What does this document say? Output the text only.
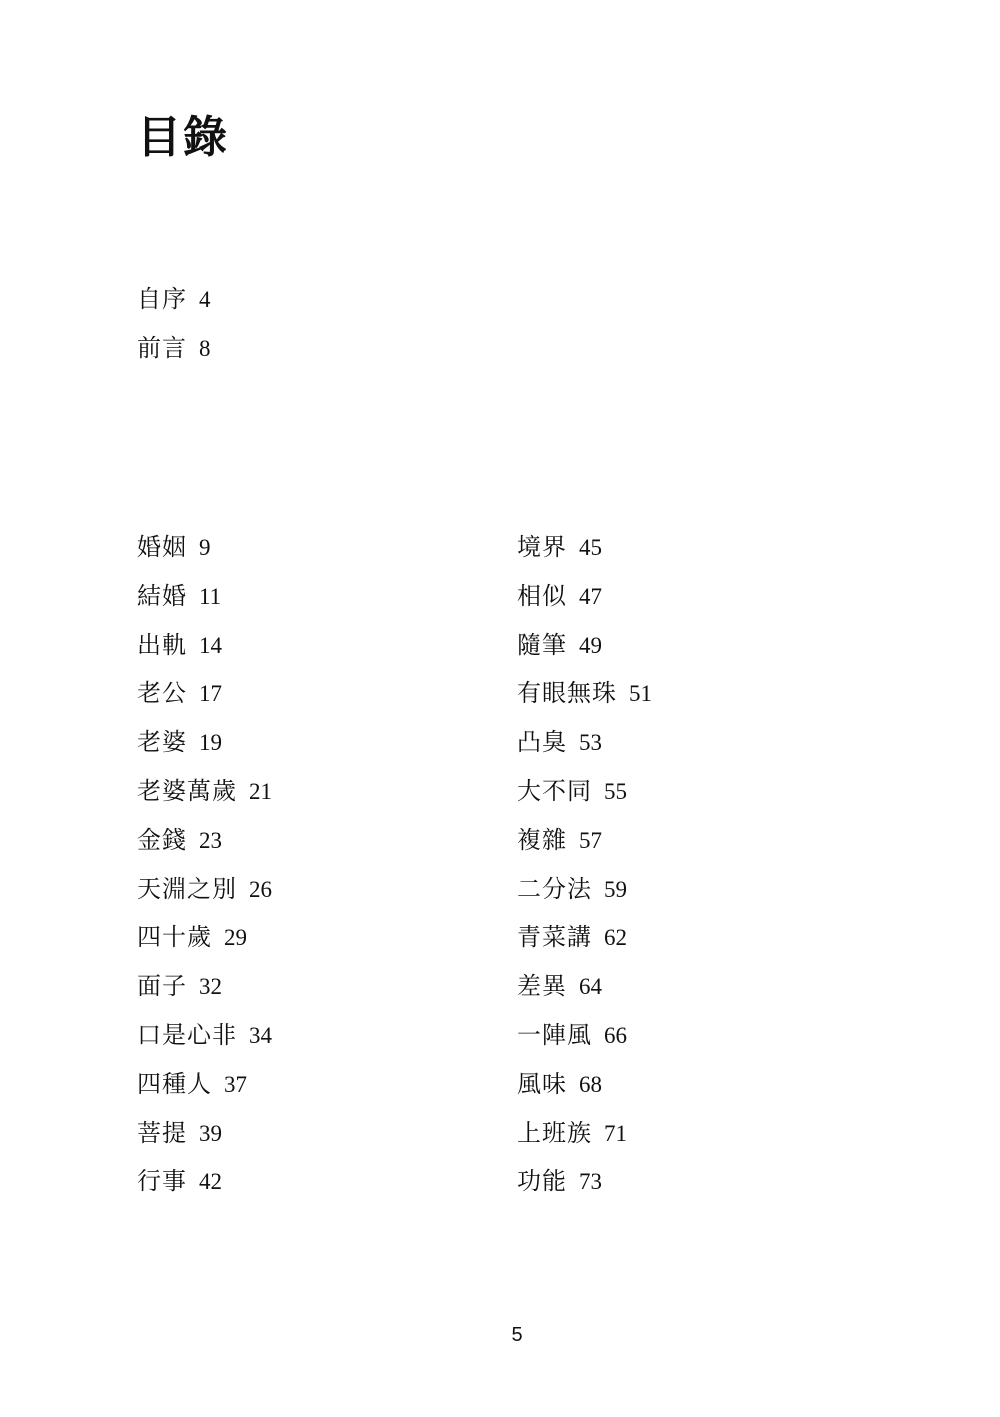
目錄
自序 4
前言 8
婚姻 9
結婚 11
出軌 14
老公 17
老婆 19
老婆萬歲 21
金錢 23
天淵之別 26
四十歲 29
面子 32
口是心非 34
四種人 37
菩提 39
行事 42
境界 45
相似 47
隨筆 49
有眼無珠 51
凸臭 53
大不同 55
複雜 57
二分法 59
青菜講 62
差異 64
一陣風 66
風味 68
上班族 71
功能 73
5
